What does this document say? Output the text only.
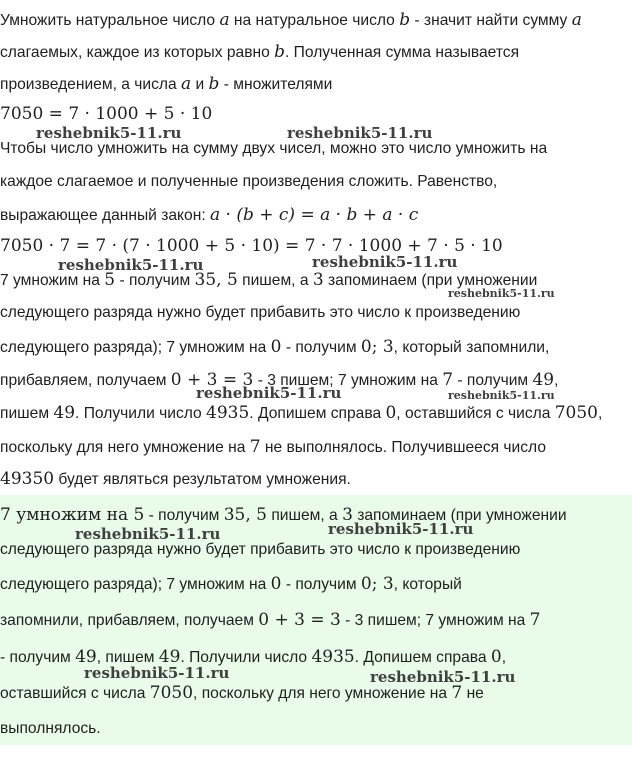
Умножить натуральное число a на натуральное число b - значит найти сумму a
слагаемых, каждое из которых равно b. Полученная сумма называется
произведением, а числа a и b - множителями
7050 = 7 · 1000 + 5 · 10
reshebnik5-11.ru	reshebnik5-11.ru
Чтобы число умножить на сумму двух чисел, можно это число умножить на
каждое слагаемое и полученные произведения сложить. Равенство,
выражающее данный закон: a · (b + c) = a · b + a · c
7050 · 7 = 7 · (7 · 1000 + 5 · 10) = 7 · 7 · 1000 + 7 · 5 · 10
reshebnik5-11.ru	reshebnik5-11.ru
7 умножим на 5 - получим 35, 5 пишем, а 3 запоминаем (при умножении
reshebnik5-11.ru
следующего разряда нужно будет прибавить это число к произведению
следующего разряда); 7 умножим на 0 - получим 0; 3, который запомнили,
прибавляем, получаем 0 + 3 = 3 - 3 пишем; 7 умножим на 7 - получим 49,
reshebnik5-11.ru	reshebnik5-11.ru
пишем 49. Получили число 4935. Допишем справа 0, оставшийся с числа 7050,
поскольку для него умножение на 7 не выполнялось. Получившееся число
49350 будет являться результатом умножения.
7 умножим на 5 - получим 35, 5 пишем, а 3 запоминаем (при умножении
reshebnik5-11.ru	reshebnik5-11.ru
следующего разряда нужно будет прибавить это число к произведению
следующего разряда); 7 умножим на 0 - получим 0; 3, который
запомнили, прибавляем, получаем 0 + 3 = 3 - 3 пишем; 7 умножим на 7
- получим 49, пишем 49. Получили число 4935. Допишем справа 0,
reshebnik5-11.ru	reshebnik5-11.ru
оставшийся с числа 7050, поскольку для него умножение на 7 не
выполнялось.
